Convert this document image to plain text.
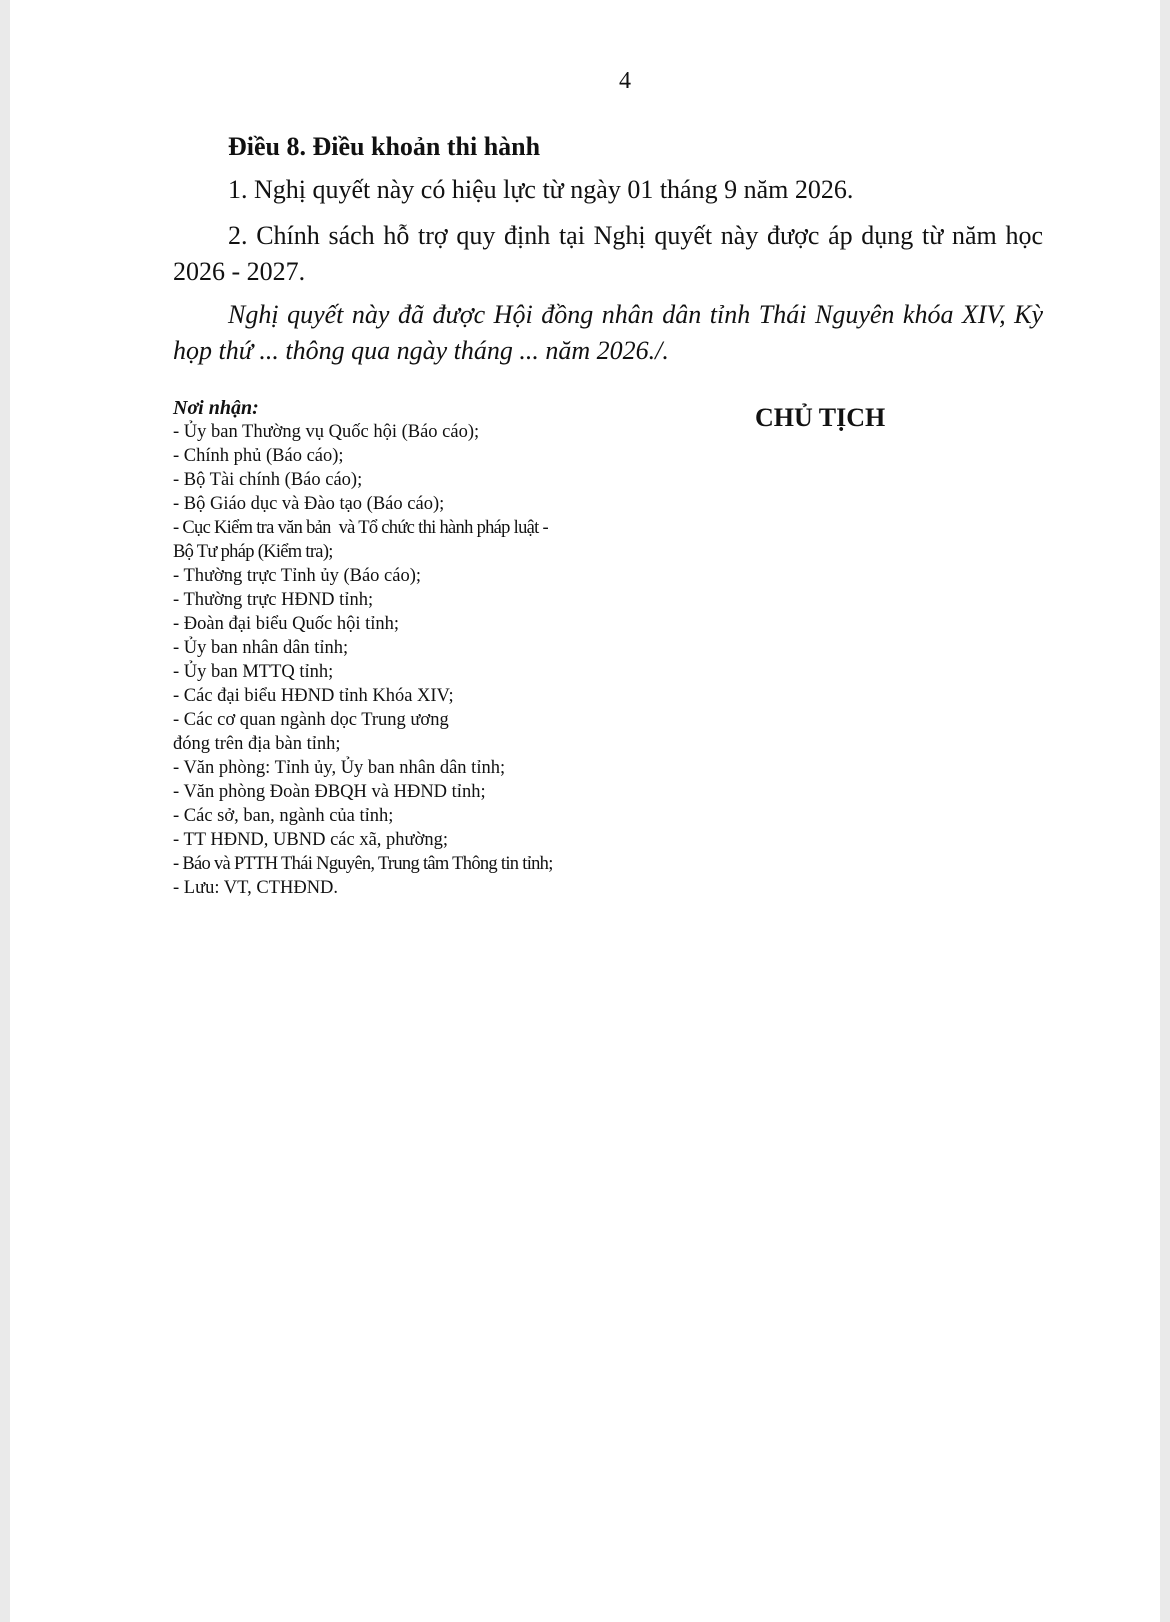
4
Điều 8. Điều khoản thi hành
1. Nghị quyết này có hiệu lực từ ngày 01 tháng 9 năm 2026.
2. Chính sách hỗ trợ quy định tại Nghị quyết này được áp dụng từ năm học 2026 - 2027.
Nghị quyết này đã được Hội đồng nhân dân tỉnh Thái Nguyên khóa XIV, Kỳ họp thứ ... thông qua ngày tháng ... năm 2026./.

Nơi nhận:

- Ủy ban Thường vụ Quốc hội (Báo cáo);
- Chính phủ (Báo cáo);
- Bộ Tài chính (Báo cáo);
- Bộ Giáo dục và Đào tạo (Báo cáo);
- Cục Kiểm tra văn bản  và Tổ chức thi hành pháp luật -
Bộ Tư pháp (Kiểm tra);
- Thường trực Tỉnh ủy (Báo cáo);
- Thường trực HĐND tỉnh;
- Đoàn đại biểu Quốc hội tỉnh;
- Ủy ban nhân dân tỉnh;
- Ủy ban MTTQ tỉnh;
- Các đại biểu HĐND tỉnh Khóa XIV;
- Các cơ quan ngành dọc Trung ương
đóng trên địa bàn tỉnh;
- Văn phòng: Tỉnh ủy, Ủy ban nhân dân tỉnh;
- Văn phòng Đoàn ĐBQH và HĐND tỉnh;
- Các sở, ban, ngành của tỉnh;
- TT HĐND, UBND các xã, phường;
- Báo và PTTH Thái Nguyên, Trung tâm Thông tin tỉnh;
- Lưu: VT, CTHĐND.
CHỦ TỊCH
